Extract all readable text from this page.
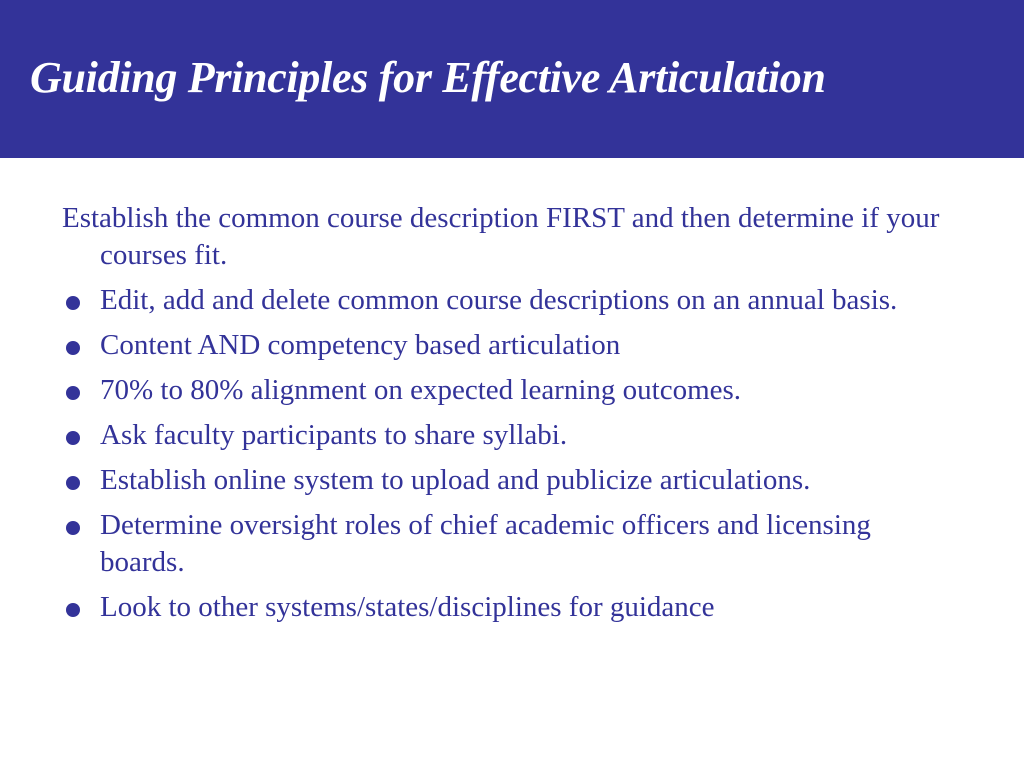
Guiding Principles for Effective Articulation
Establish the common course description FIRST and then determine if your courses fit.
Edit, add and delete common course descriptions on an annual basis.
Content AND competency based articulation
70% to 80% alignment on expected learning outcomes.
Ask faculty participants to share syllabi.
Establish online system to upload and publicize articulations.
Determine oversight roles of chief academic officers and licensing boards.
Look to other systems/states/disciplines for guidance
